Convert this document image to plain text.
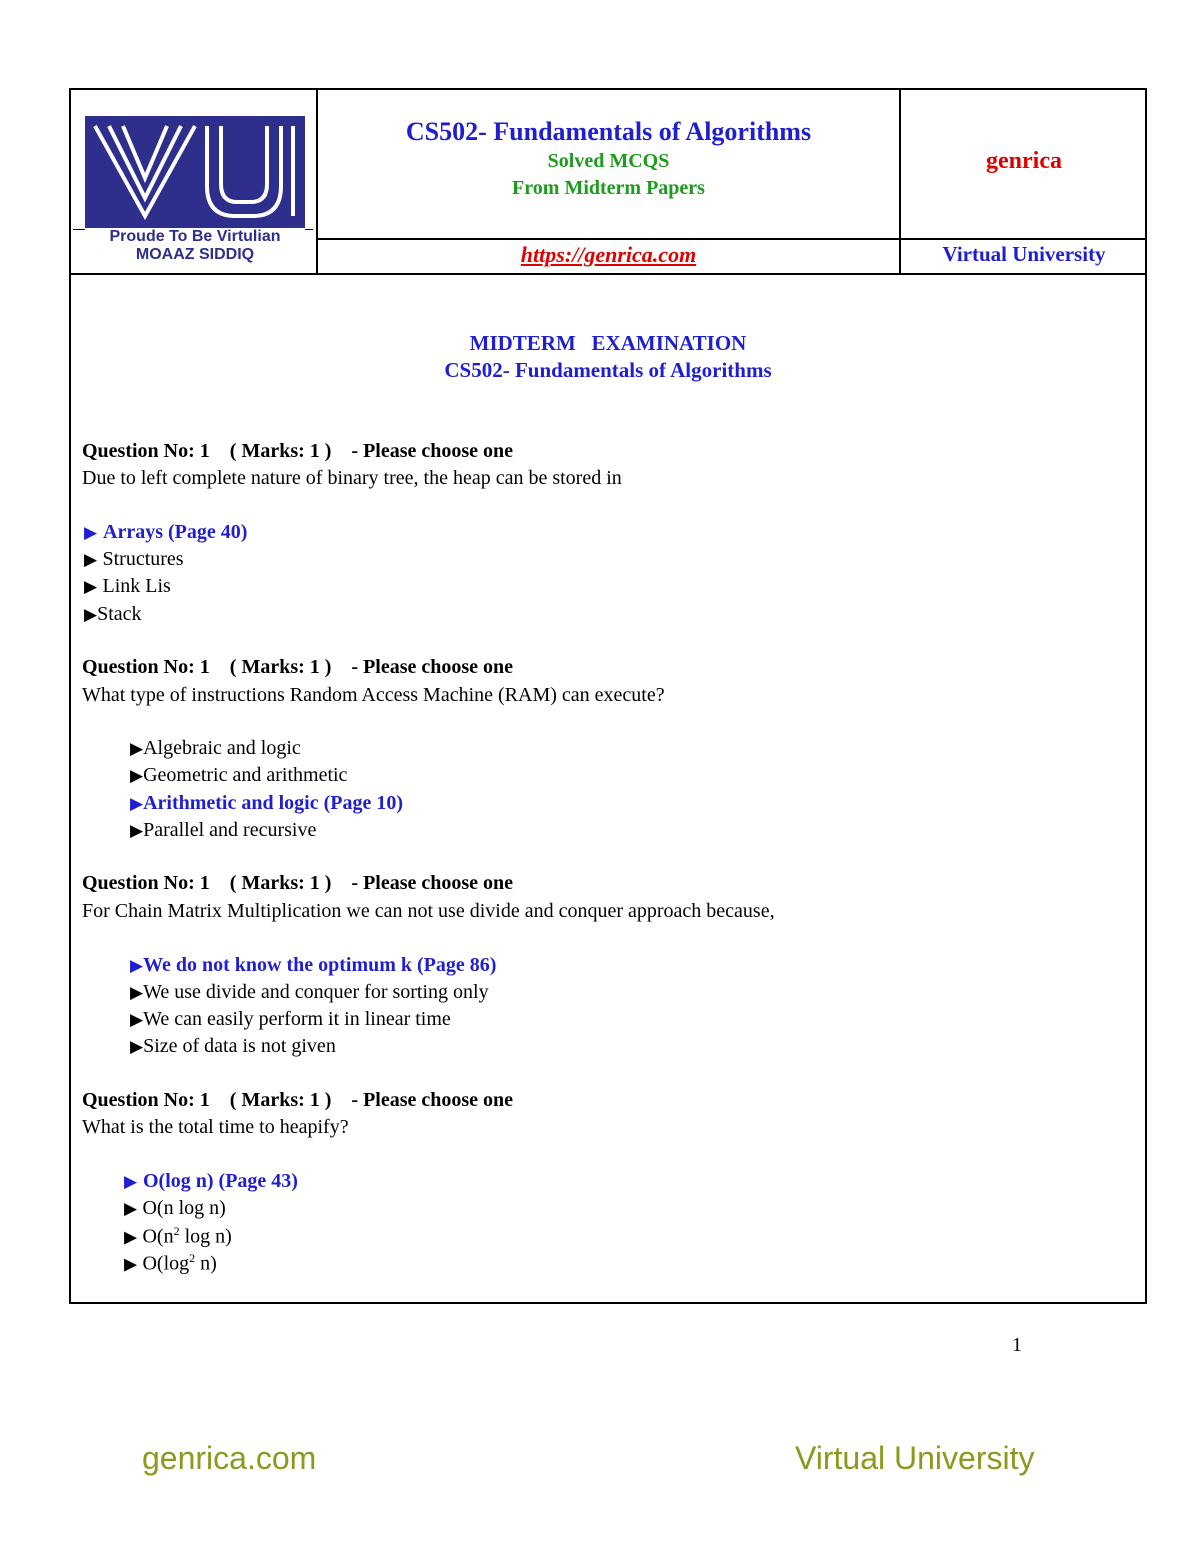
Proude To Be Virtulian
MOAAZ SIDDIQ
CS502- Fundamentals of Algorithms
Solved MCQS
From Midterm Papers
genrica
https://genrica.com	Virtual University
MIDTERM   EXAMINATION
CS502- Fundamentals of Algorithms
Question No: 1    ( Marks: 1 )    - Please choose one
Due to left complete nature of binary tree, the heap can be stored in
▶ Arrays (Page 40)
▶ Structures
▶ Link Lis
▶Stack
Question No: 1    ( Marks: 1 )    - Please choose one
What type of instructions Random Access Machine (RAM) can execute?
▶Algebraic and logic
▶Geometric and arithmetic
▶Arithmetic and logic (Page 10)
▶Parallel and recursive
Question No: 1    ( Marks: 1 )    - Please choose one
For Chain Matrix Multiplication we can not use divide and conquer approach because,
▶We do not know the optimum k (Page 86)
▶We use divide and conquer for sorting only
▶We can easily perform it in linear time
▶Size of data is not given
Question No: 1    ( Marks: 1 )    - Please choose one
What is the total time to heapify?
▶ O(log n) (Page 43)
▶ O(n log n)
▶ $O(n^2$ log n)
▶ $O(\log^2$ n)
1
genrica.com	Virtual University
